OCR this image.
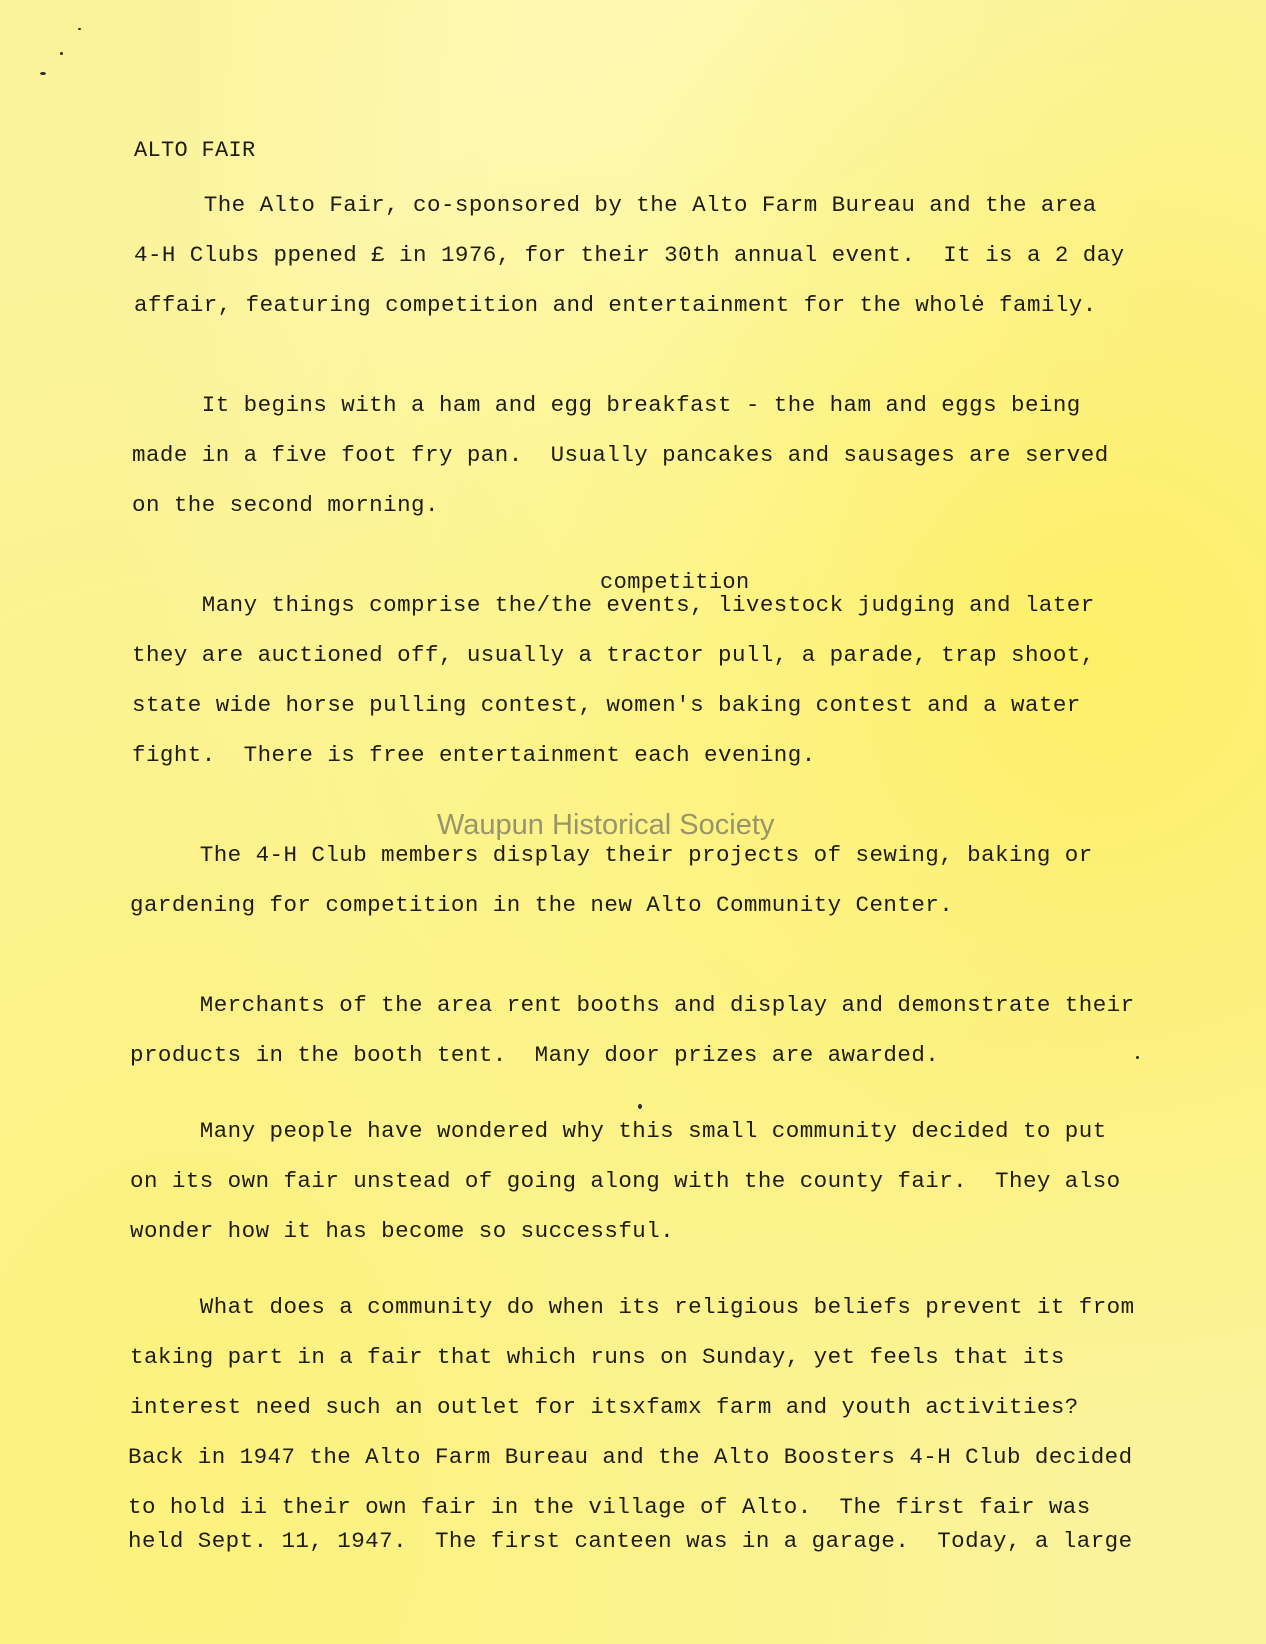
ALTO FAIR
The Alto Fair, co-sponsored by the Alto Farm Bureau and the area
4-H Clubs ppened £ in 1976, for their 30th annual event.  It is a 2 day
affair, featuring competition and entertainment for the wholė family.
It begins with a ham and egg breakfast - the ham and eggs being
made in a five foot fry pan.  Usually pancakes and sausages are served
on the second morning.
competition
Many things comprise the/the events, livestock judging and later
they are auctioned off, usually a tractor pull, a parade, trap shoot,
state wide horse pulling contest, women's baking contest and a water
fight.  There is free entertainment each evening.
Waupun Historical Society
The 4-H Club members display their projects of sewing, baking or
gardening for competition in the new Alto Community Center.
Merchants of the area rent booths and display and demonstrate their
products in the booth tent.  Many door prizes are awarded.
Many people have wondered why this small community decided to put
on its own fair unstead of going along with the county fair.  They also
wonder how it has become so successful.
What does a community do when its religious beliefs prevent it from
taking part in a fair that which runs on Sunday, yet feels that its
interest need such an outlet for itsxfamx farm and youth activities?
Back in 1947 the Alto Farm Bureau and the Alto Boosters 4-H Club decided
to hold ii their own fair in the village of Alto.  The first fair was
held Sept. 11, 1947.  The first canteen was in a garage.  Today, a large
